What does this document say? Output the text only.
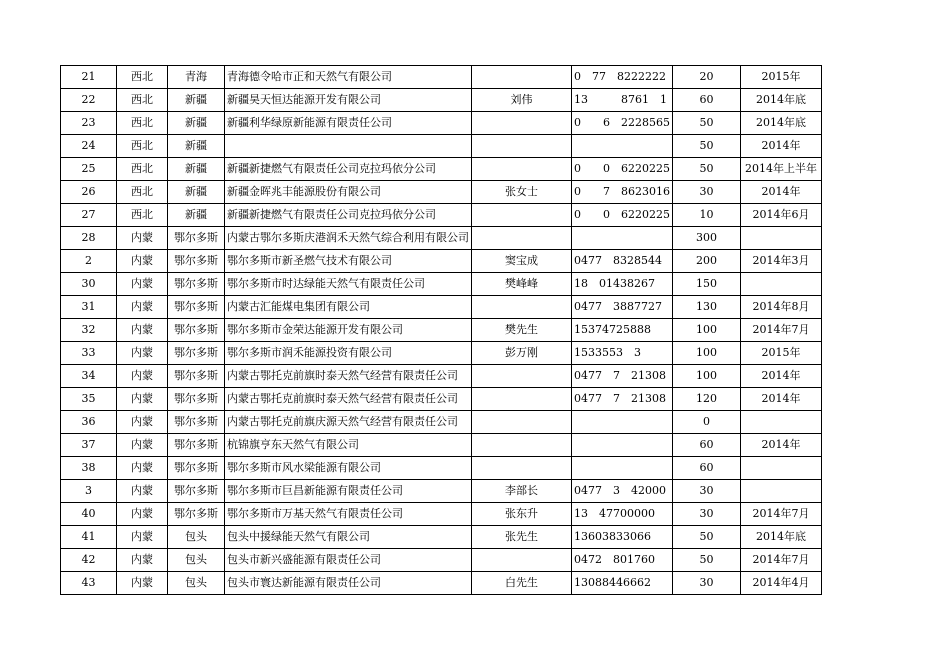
21	西北	青海	青海德令哈市正和天然气有限公司		0　77　8222222	20	2015年
22	西北	新疆	新疆昊天恒达能源开发有限公司	刘伟	13　　　8761　1	60	2014年底
23	西北	新疆	新疆利华绿原新能源有限责任公司		0　　6　2228565	50	2014年底
24	西北	新疆				50	2014年
25	西北	新疆	新疆新捷燃气有限责任公司克拉玛依分公司		0　　0　6220225	50	2014年上半年
26	西北	新疆	新疆金晖兆丰能源股份有限公司	张女士	0　　7　8623016	30	2014年
27	西北	新疆	新疆新捷燃气有限责任公司克拉玛依分公司		0　　0　6220225	10	2014年6月
28	内蒙	鄂尔多斯	内蒙古鄂尔多斯庆港润禾天然气综合利用有限公司			300	
2	内蒙	鄂尔多斯	鄂尔多斯市新圣燃气技术有限公司	窦宝成	0477　8328544	200	2014年3月
30	内蒙	鄂尔多斯	鄂尔多斯市时达绿能天然气有限责任公司	樊峰峰	18　01438267	150	
31	内蒙	鄂尔多斯	内蒙古汇能煤电集团有限公司		0477　3887727	130	2014年8月
32	内蒙	鄂尔多斯	鄂尔多斯市金荣达能源开发有限公司	樊先生	15374725888	100	2014年7月
33	内蒙	鄂尔多斯	鄂尔多斯市润禾能源投资有限公司	彭万刚	1533553　3	100	2015年
34	内蒙	鄂尔多斯	内蒙古鄂托克前旗时泰天然气经营有限责任公司		0477　7　21308	100	2014年
35	内蒙	鄂尔多斯	内蒙古鄂托克前旗时泰天然气经营有限责任公司		0477　7　21308	120	2014年
36	内蒙	鄂尔多斯	内蒙古鄂托克前旗庆源天然气经营有限责任公司			0	
37	内蒙	鄂尔多斯	杭锦旗亨东天然气有限公司			60	2014年
38	内蒙	鄂尔多斯	鄂尔多斯市风水梁能源有限公司			60	
3	内蒙	鄂尔多斯	鄂尔多斯市巨昌新能源有限责任公司	李部长	0477　3　42000	30	
40	内蒙	鄂尔多斯	鄂尔多斯市万基天然气有限责任公司	张东升	13　47700000	30	2014年7月
41	内蒙	包头	包头中援绿能天然气有限公司	张先生	13603833066	50	2014年底
42	内蒙	包头	包头市新兴盛能源有限责任公司		0472　801760	50	2014年7月
43	内蒙	包头	包头市寰达新能源有限责任公司	白先生	13088446662	30	2014年4月
